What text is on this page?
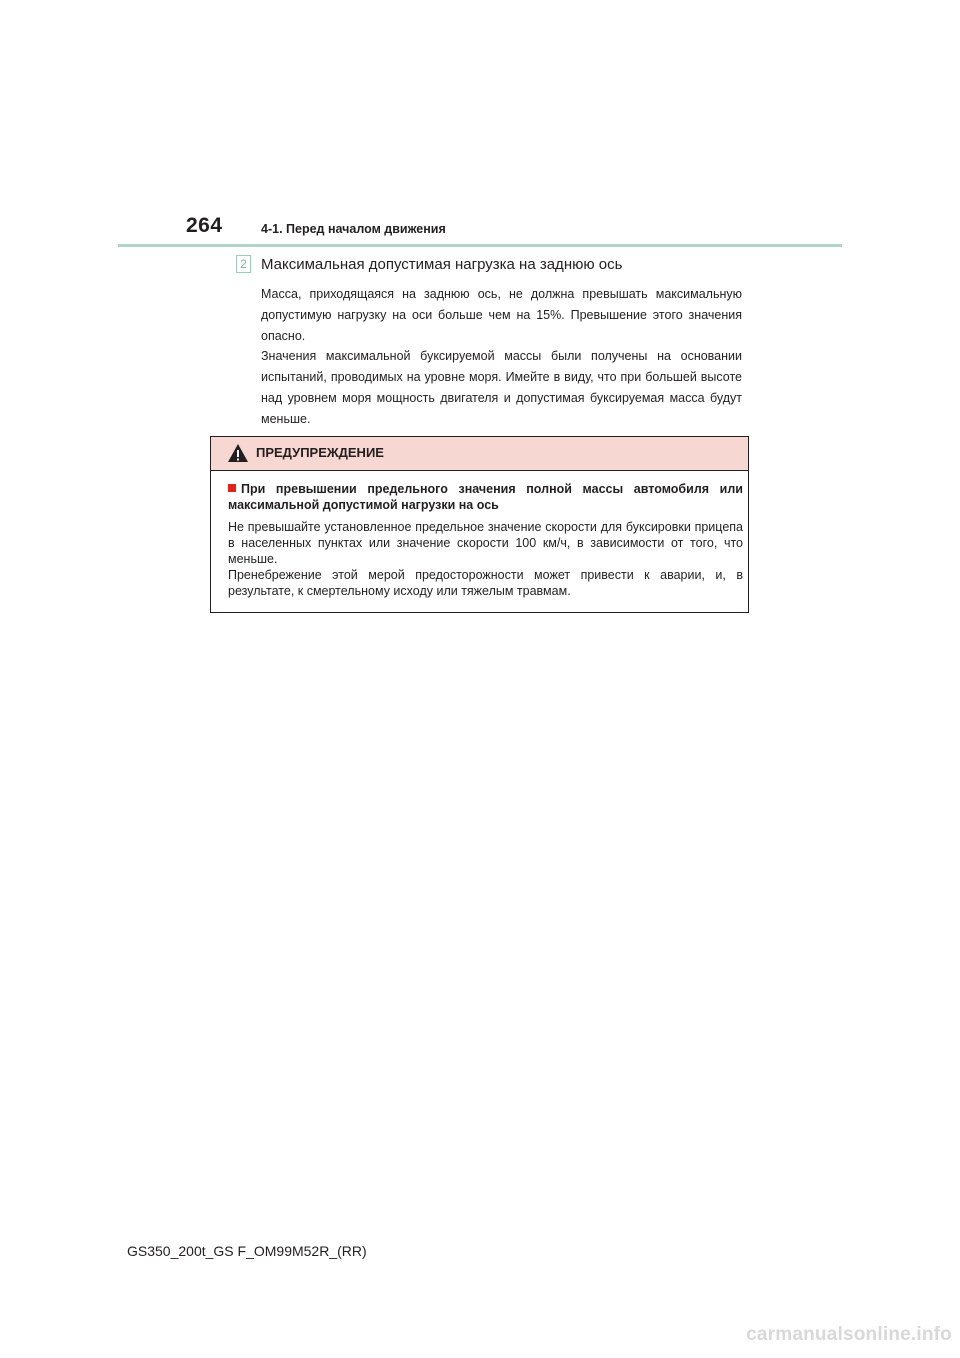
264	4-1. Перед началом движения
2 Максимальная допустимая нагрузка на заднюю ось
Масса, приходящаяся на заднюю ось, не должна превышать максимальную допустимую нагрузку на оси больше чем на 15%. Превышение этого значения опасно.
Значения максимальной буксируемой массы были получены на основании испытаний, проводимых на уровне моря. Имейте в виду, что при большей высоте над уровнем моря мощность двигателя и допустимая буксируемая масса будут меньше.
ПРЕДУПРЕЖДЕНИЕ
При превышении предельного значения полной массы автомобиля или максимальной допустимой нагрузки на ось

Не превышайте установленное предельное значение скорости для буксировки прицепа в населенных пунктах или значение скорости 100 км/ч, в зависимости от того, что меньше.

Пренебрежение этой мерой предосторожности может привести к аварии, и, в результате, к смертельному исходу или тяжелым травмам.

GS350_200t_GS F_OM99M52R_(RR)
carmanualsonline.info
